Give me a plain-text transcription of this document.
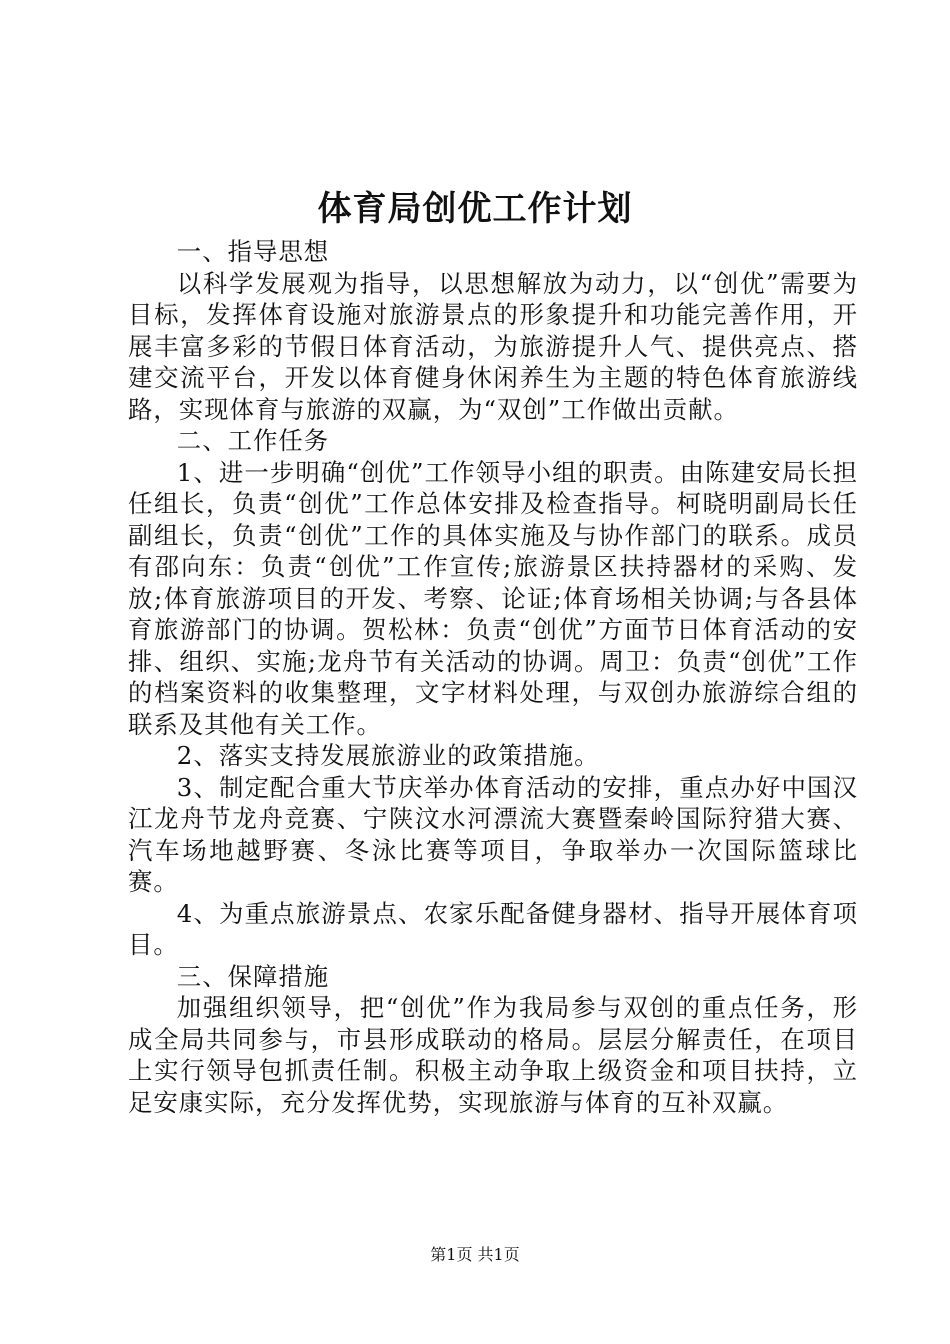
体育局创优工作计划

一、指导思想

以科学发展观为指导，以思想解放为动力，以“创优”需要为目标，发挥体育设施对旅游景点的形象提升和功能完善作用，开展丰富多彩的节假日体育活动，为旅游提升人气、提供亮点、搭建交流平台，开发以体育健身休闲养生为主题的特色体育旅游线路，实现体育与旅游的双赢，为“双创”工作做出贡献。

二、工作任务

1、进一步明确“创优”工作领导小组的职责。由陈建安局长担任组长，负责“创优”工作总体安排及检查指导。柯晓明副局长任副组长，负责“创优”工作的具体实施及与协作部门的联系。成员有邵向东：负责“创优”工作宣传;旅游景区扶持器材的采购、发放;体育旅游项目的开发、考察、论证;体育场相关协调;与各县体育旅游部门的协调。贺松林：负责“创优”方面节日体育活动的安排、组织、实施;龙舟节有关活动的协调。周卫：负责“创优”工作的档案资料的收集整理，文字材料处理，与双创办旅游综合组的联系及其他有关工作。

2、落实支持发展旅游业的政策措施。

3、制定配合重大节庆举办体育活动的安排，重点办好中国汉江龙舟节龙舟竞赛、宁陕汶水河漂流大赛暨秦岭国际狩猎大赛、汽车场地越野赛、冬泳比赛等项目，争取举办一次国际篮球比赛。

4、为重点旅游景点、农家乐配备健身器材、指导开展体育项目。

三、保障措施

加强组织领导，把“创优”作为我局参与双创的重点任务，形成全局共同参与，市县形成联动的格局。层层分解责任，在项目上实行领导包抓责任制。积极主动争取上级资金和项目扶持，立足安康实际，充分发挥优势，实现旅游与体育的互补双赢。

第1页 共1页
